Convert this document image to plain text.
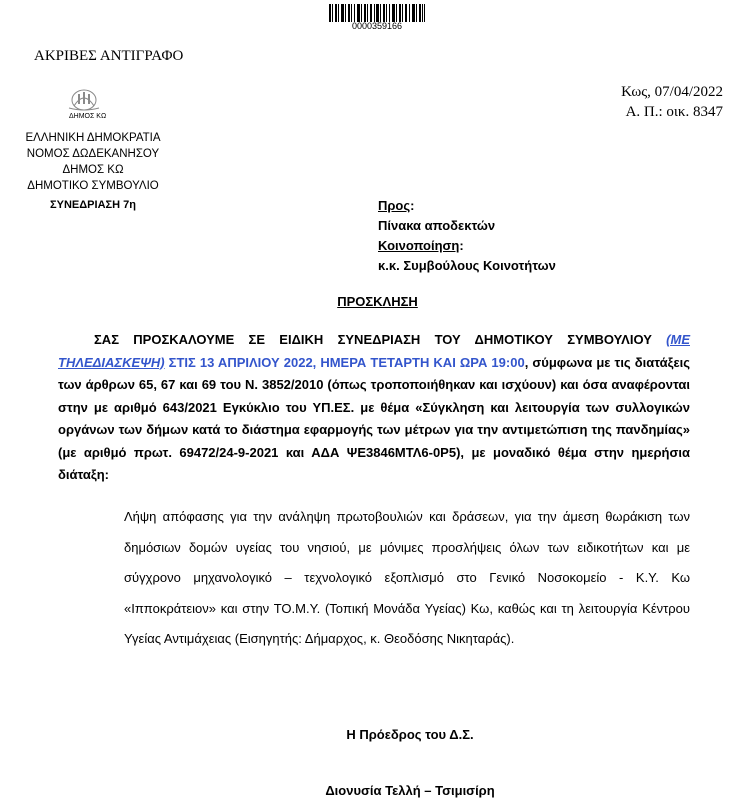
0000359166
ΑΚΡΙΒΕΣ ΑΝΤΙΓΡΑΦΟ
Κως, 07/04/2022
Α. Π.: οικ. 8347
ΔΗΜΟΣ ΚΩ
ΕΛΛΗΝΙΚΗ ΔΗΜΟΚΡΑΤΙΑ
ΝΟΜΟΣ ΔΩΔΕΚΑΝΗΣΟΥ
ΔΗΜΟΣ ΚΩ
ΔΗΜΟΤΙΚΟ ΣΥΜΒΟΥΛΙΟ
ΣΥΝΕΔΡΙΑΣΗ 7η	Προς:
Πίνακα αποδεκτών
Κοινοποίηση:
κ.κ. Συμβούλους Κοινοτήτων
ΠΡΟΣΚΛΗΣΗ
ΣΑΣ ΠΡΟΣΚΑΛΟΥΜΕ ΣΕ ΕΙΔΙΚΗ ΣΥΝΕΔΡΙΑΣΗ ΤΟΥ ΔΗΜΟΤΙΚΟΥ ΣΥΜΒΟΥΛΙΟΥ (ΜΕ ΤΗΛΕΔΙΑΣΚΕΨΗ) ΣΤΙΣ 13 ΑΠΡΙΛΙΟΥ 2022, ΗΜΕΡΑ ΤΕΤΑΡΤΗ ΚΑΙ ΩΡΑ 19:00, σύμφωνα με τις διατάξεις των άρθρων 65, 67 και 69 του Ν. 3852/2010 (όπως τροποποιήθηκαν και ισχύουν) και όσα αναφέρονται στην με αριθμό 643/2021 Εγκύκλιο του ΥΠ.ΕΣ. με θέμα «Σύγκληση και λειτουργία των συλλογικών οργάνων των δήμων κατά το διάστημα εφαρμογής των μέτρων για την αντιμετώπιση της πανδημίας» (με αριθμό πρωτ. 69472/24-9-2021 και ΑΔΑ ΨΕ3846ΜΤΛ6-0Ρ5), με μοναδικό θέμα στην ημερήσια διάταξη:
Λήψη απόφασης για την ανάληψη πρωτοβουλιών και δράσεων, για την άμεση θωράκιση των δημόσιων δομών υγείας του νησιού, με μόνιμες προσλήψεις όλων των ειδικοτήτων και με σύγχρονο μηχανολογικό – τεχνολογικό εξοπλισμό στο Γενικό Νοσοκομείο - Κ.Υ. Κω «Ιπποκράτειον» και στην ΤΟ.Μ.Υ. (Τοπική Μονάδα Υγείας) Κω, καθώς και τη λειτουργία Κέντρου Υγείας Αντιμάχειας (Εισηγητής: Δήμαρχος, κ. Θεοδόσης Νικηταράς).
Η Πρόεδρος του Δ.Σ.
Διονυσία Τελλή – Τσιμισίρη
